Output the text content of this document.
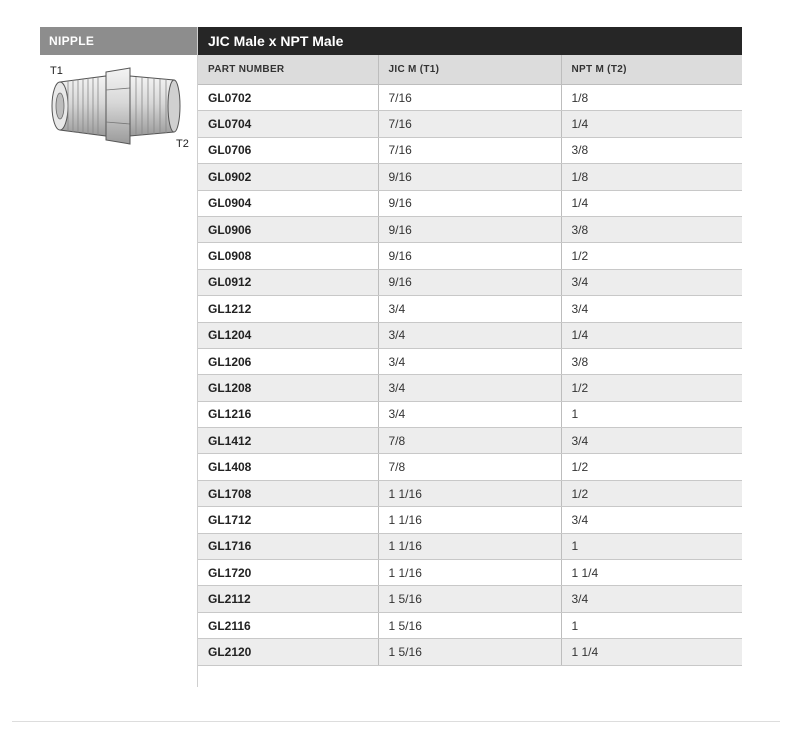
NIPPLE
T1
T2
JIC Male x NPT Male
PART NUMBER	JIC M (T1)	NPT M (T2)
GL0702	7/16	1/8
GL0704	7/16	1/4
GL0706	7/16	3/8
GL0902	9/16	1/8
GL0904	9/16	1/4
GL0906	9/16	3/8
GL0908	9/16	1/2
GL0912	9/16	3/4
GL1212	3/4	3/4
GL1204	3/4	1/4
GL1206	3/4	3/8
GL1208	3/4	1/2
GL1216	3/4	1
GL1412	7/8	3/4
GL1408	7/8	1/2
GL1708	1 1/16	1/2
GL1712	1 1/16	3/4
GL1716	1 1/16	1
GL1720	1 1/16	1 1/4
GL2112	1 5/16	3/4
GL2116	1 5/16	1
GL2120	1 5/16	1 1/4
